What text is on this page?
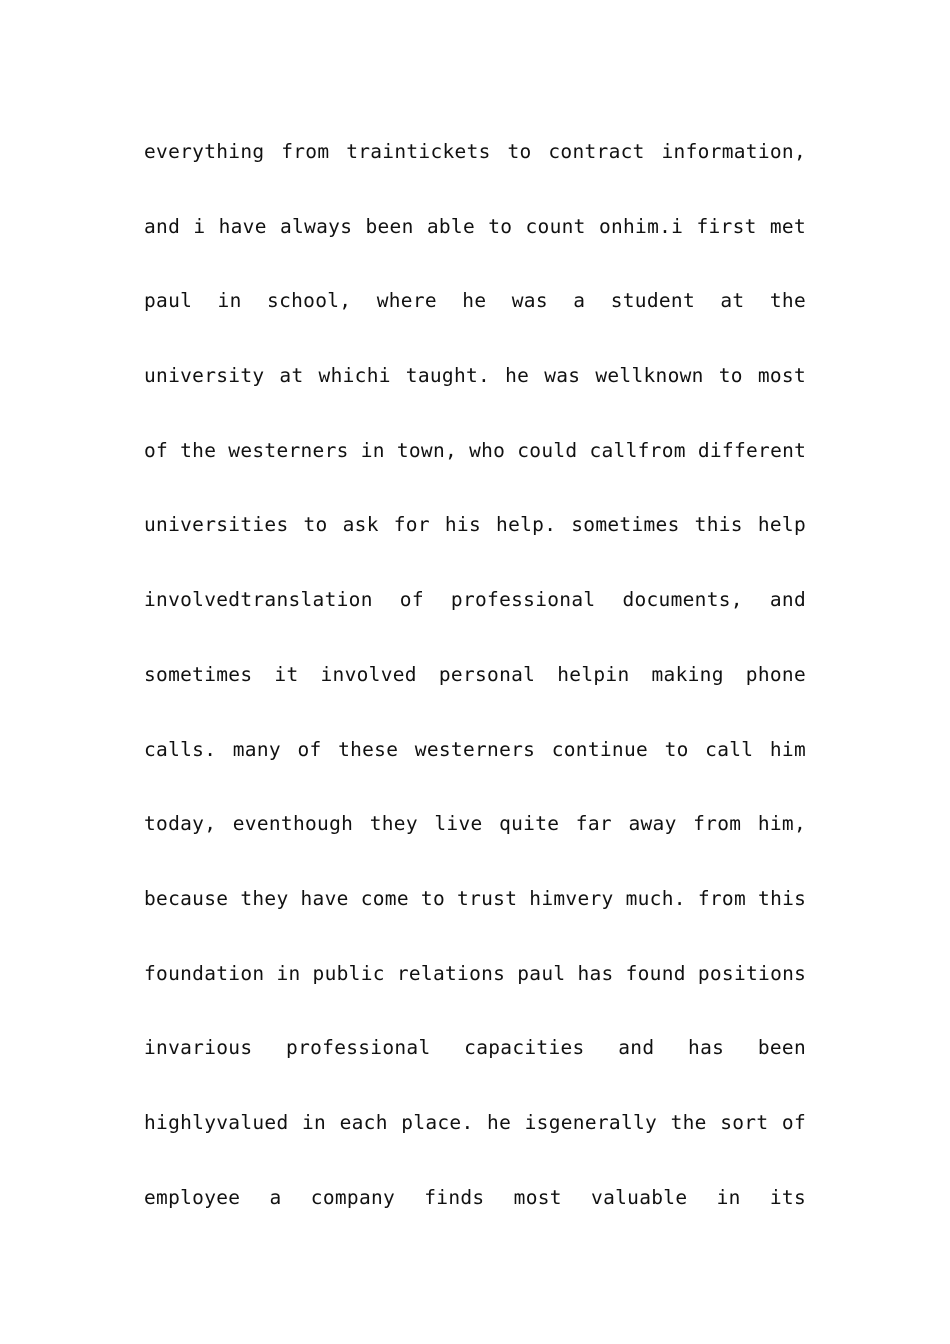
everything from traintickets to contract information,
and i have always been able to count onhim.i first met
paul in school, where he was a student at the
university at whichi taught. he was wellknown to most
of the westerners in town, who could callfrom different
universities to ask for his help. sometimes this help
involvedtranslation of professional documents, and
sometimes it involved personal helpin making phone
calls. many of these westerners continue to call him
today, eventhough they live quite far away from him,
because they have come to trust himvery much. from this
foundation in public relations paul has found positions
invarious professional capacities and has been
highlyvalued in each place. he isgenerally the sort of
employee a company finds most valuable in its
